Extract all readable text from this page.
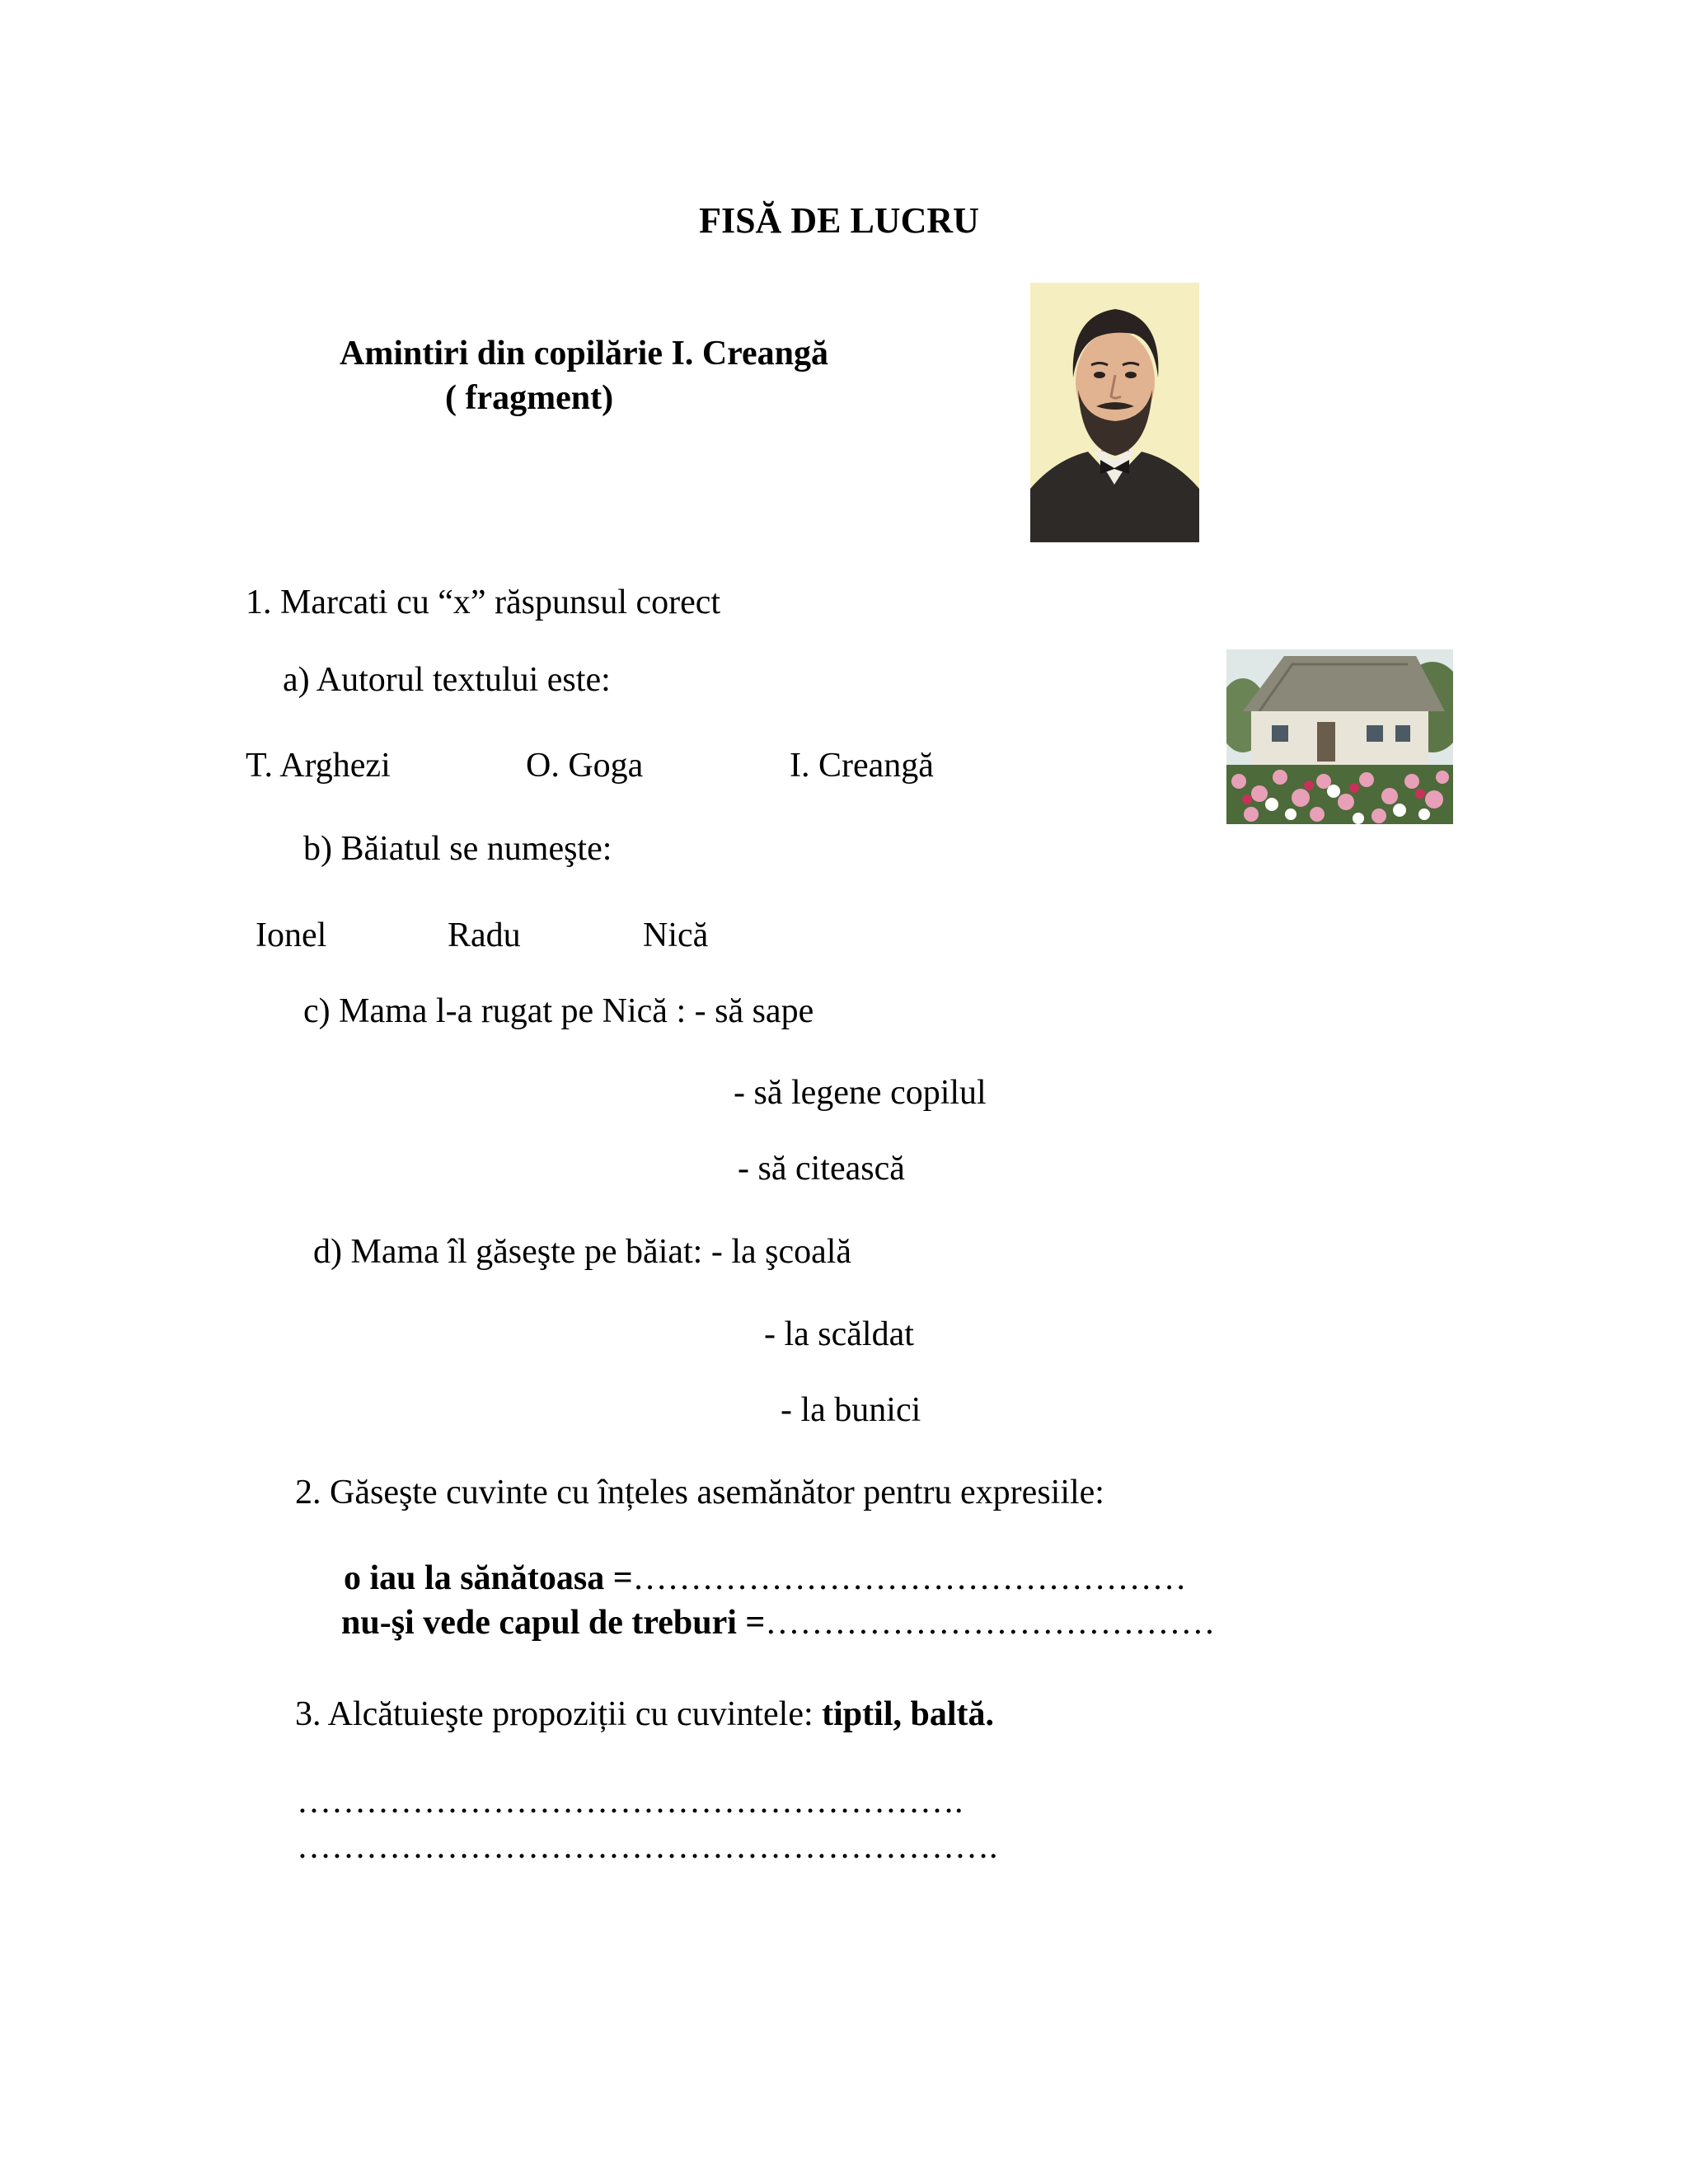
FISĂ DE LUCRU
Amintiri din copilărie I. Creangă
( fragment)
1. Marcati cu “x” răspunsul corect
a) Autorul textului este:
T. Arghezi	O. Goga	I. Creangă
b) Băiatul se numeşte:
Ionel	Radu	Nică
c) Mama l-a rugat pe Nică : - să sape
- să legene copilul
- să citească
d) Mama îl găseşte pe băiat: - la şcoală
- la scăldat
- la bunici
2. Găseşte cuvinte cu înțeles asemănător pentru expresiile:
o iau la sănătoasa =…………………………………………
nu-şi vede capul de treburi =…………………………………
3. Alcătuieşte propoziții cu cuvintele: tiptil, baltă.
………………………………………………….
…………………………………………………….
